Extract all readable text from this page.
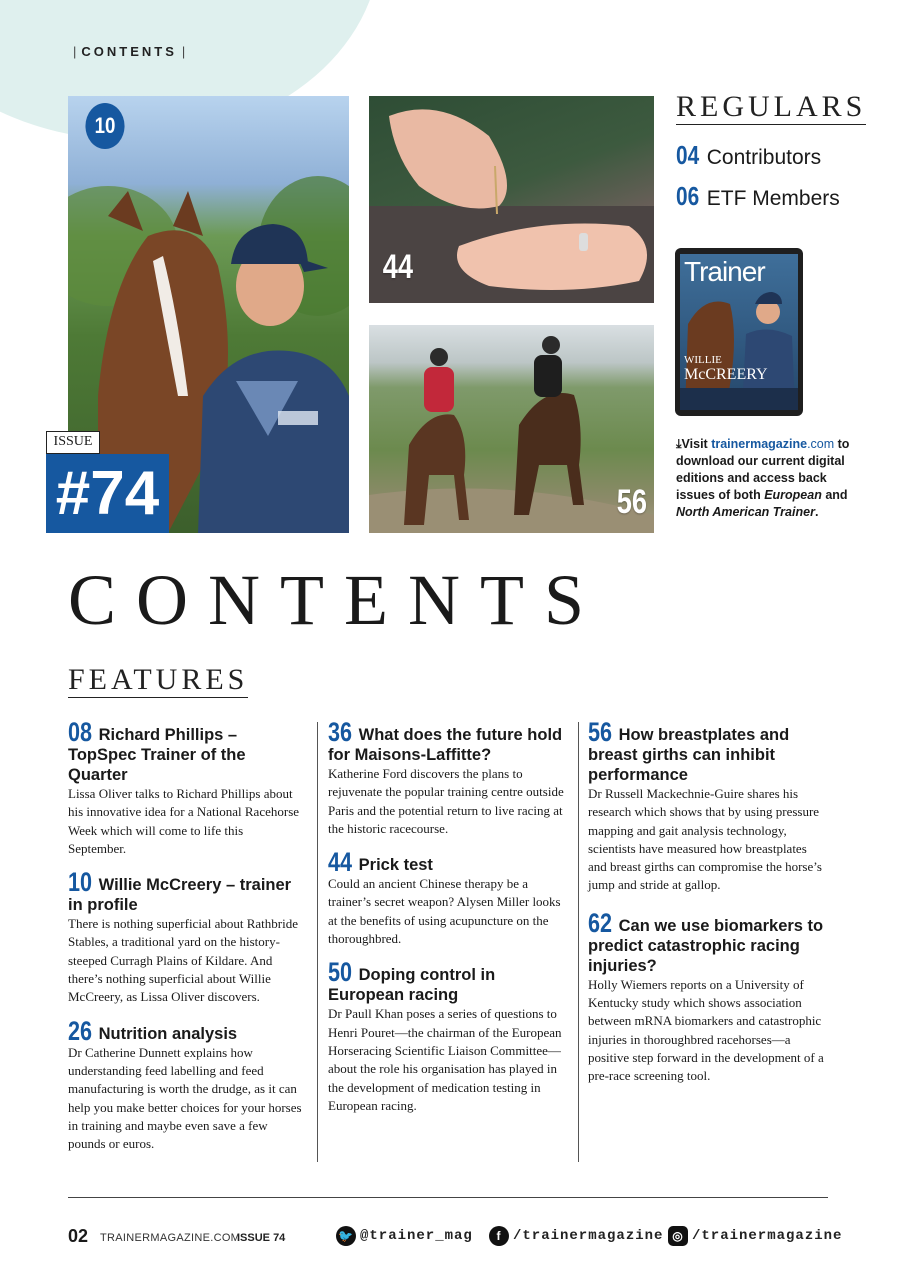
| CONTENTS |
10
ISSUE
#74
44
56
REGULARS
04 Contributors
06 ETF Members
Trainer
WILLIE
McCREERY
⤓Visit trainermagazine.com to download our current digital editions and access back issues of both European and North American Trainer.
CONTENTS
FEATURES
08 Richard Phillips – TopSpec Trainer of the Quarter

Lissa Oliver talks to Richard Phillips about his innovative idea for a National Racehorse Week which will come to life this September.

10 Willie McCreery – trainer in profile

There is nothing superficial about Rathbride Stables, a traditional yard on the history-steeped Curragh Plains of Kildare. And there’s nothing superficial about Willie McCreery, as Lissa Oliver discovers.

26 Nutrition analysis

Dr Catherine Dunnett explains how understanding feed labelling and feed manufacturing is worth the drudge, as it can help you make better choices for your horses in training and maybe even save a few pounds or euros.

36 What does the future hold for Maisons-Laffitte?

Katherine Ford discovers the plans to rejuvenate the popular training centre outside Paris and the potential return to live racing at the historic racecourse.

44 Prick test

Could an ancient Chinese therapy be a trainer’s secret weapon? Alysen Miller looks at the benefits of using acupuncture on the thoroughbred.

50 Doping control in European racing

Dr Paull Khan poses a series of questions to Henri Pouret—the chairman of the European Horseracing Scientific Liaison Committee—about the role his organisation has played in the development of medication testing in European racing.

56 How breastplates and breast girths can inhibit performance

Dr Russell Mackechnie-Guire shares his research which shows that by using pressure mapping and gait analysis technology, scientists have measured how breastplates and breast girths can compromise the horse’s jump and stride at gallop.

62 Can we use biomarkers to predict catastrophic racing injuries?

Holly Wiemers reports on a University of Kentucky study which shows association between mRNA biomarkers and catastrophic injuries in thoroughbred racehorses—a positive step forward in the development of a pre-race screening tool.

02 TRAINERMAGAZINE.COM
ISSUE 74	🐦 @trainer_mag	f /trainermagazine ◎ /trainermagazine
